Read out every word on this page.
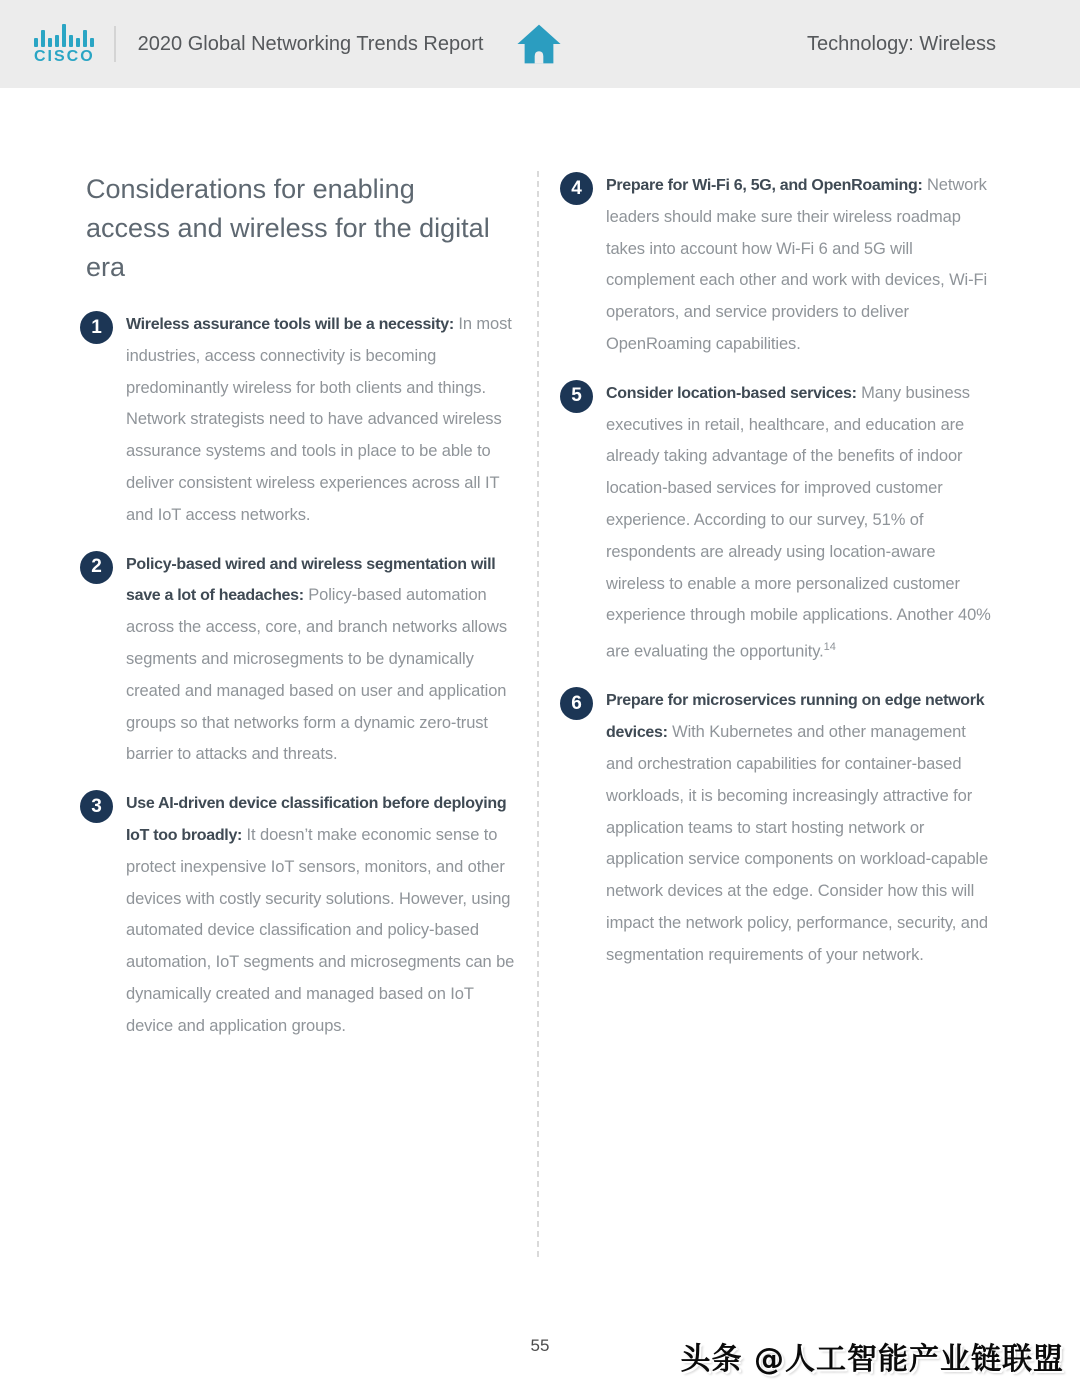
CISCO
2020 Global Networking Trends Report	Technology: Wireless
Considerations for enabling access and wireless for the digital era
1	Wireless assurance tools will be a necessity: In most industries, access connectivity is becoming predominantly wireless for both clients and things. Network strategists need to have advanced wireless assurance systems and tools in place to be able to deliver consistent wireless experiences across all IT and IoT access networks.

2	Policy-based wired and wireless segmentation will save a lot of headaches: Policy-based automation across the access, core, and branch networks allows segments and microsegments to be dynamically created and managed based on user and application groups so that networks form a dynamic zero-trust barrier to attacks and threats.

3	Use AI-driven device classification before deploying IoT too broadly: It doesn’t make economic sense to protect inexpensive IoT sensors, monitors, and other devices with costly security solutions. However, using automated device classification and policy-based automation, IoT segments and microsegments can be dynamically created and managed based on IoT device and application groups.

4	Prepare for Wi-Fi 6, 5G, and OpenRoaming: Network leaders should make sure their wireless roadmap takes into account how Wi-Fi 6 and 5G will complement each other and work with devices, Wi-Fi operators, and service providers to deliver OpenRoaming capabilities.

5	Consider location-based services: Many business executives in retail, healthcare, and education are already taking advantage of the benefits of indoor location-based services for improved customer experience. According to our survey, 51% of respondents are already using location-aware wireless to enable a more personalized customer experience through mobile applications. Another 40% are evaluating the opportunity.$^{14}$

6	Prepare for microservices running on edge network devices: With Kubernetes and other management and orchestration capabilities for container-based workloads, it is becoming increasingly attractive for application teams to start hosting network or application service components on workload-capable network devices at the edge. Consider how this will impact the network policy, performance, security, and segmentation requirements of your network.

55	头条 @人工智能产业链联盟
